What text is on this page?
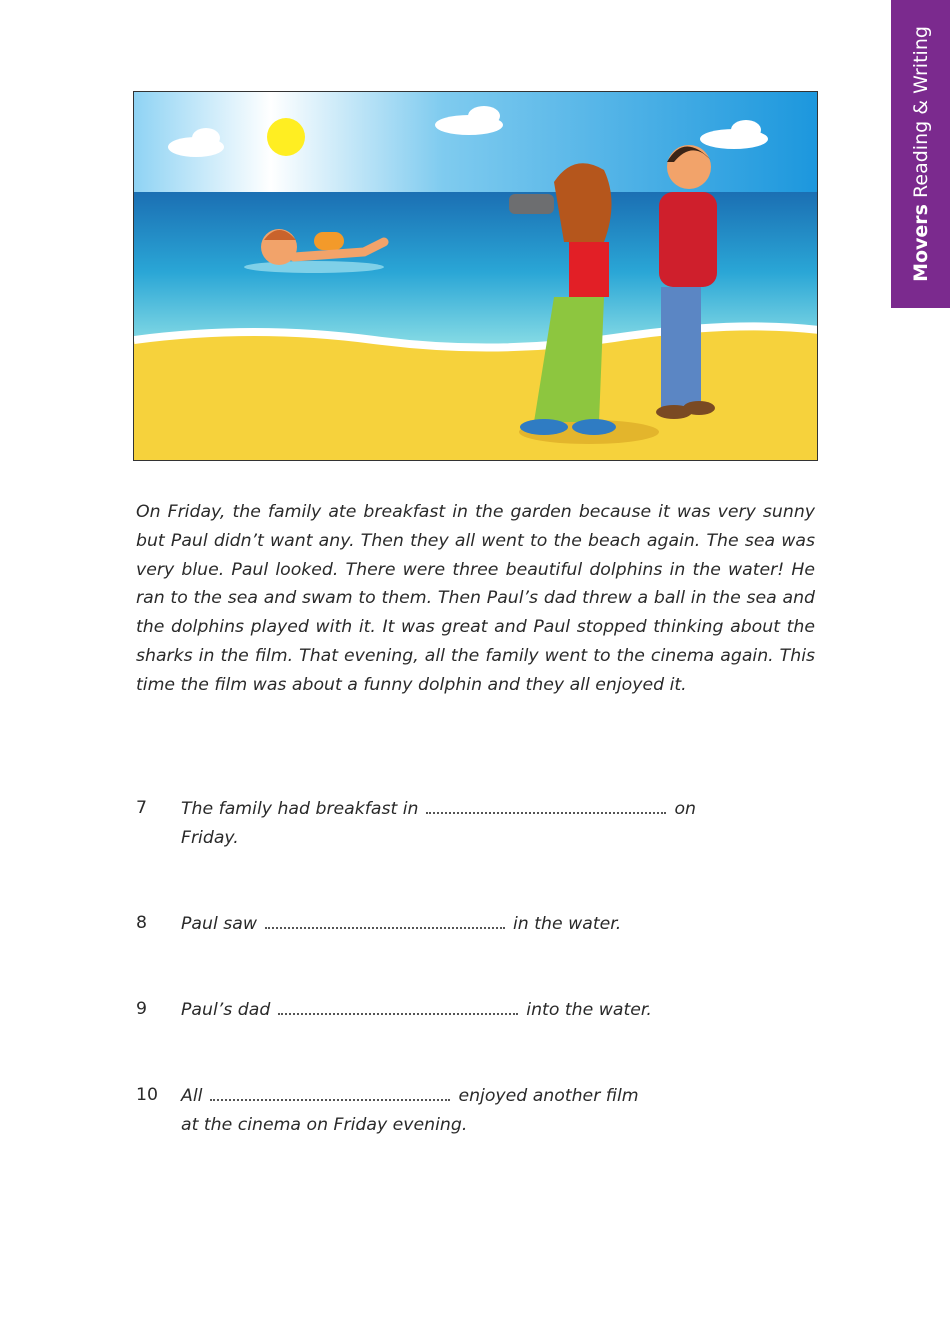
Movers Reading & Writing

On Friday, the family ate breakfast in the garden because it was very sunny but Paul didn’t want any. Then they all went to the beach again. The sea was very blue. Paul looked. There were three beautiful dolphins in the water! He ran to the sea and swam to them. Then Paul’s dad threw a ball in the sea and the dolphins played with it. It was great and Paul stopped thinking about the sharks in the film. That evening, all the family went to the cinema again. This time the film was about a funny dolphin and they all enjoyed it.

7 The family had breakfast in	on
Friday.
8 Paul saw	in the water.
9 Paul’s dad	into the water.
10 All	enjoyed another film
at the cinema on Friday evening.
